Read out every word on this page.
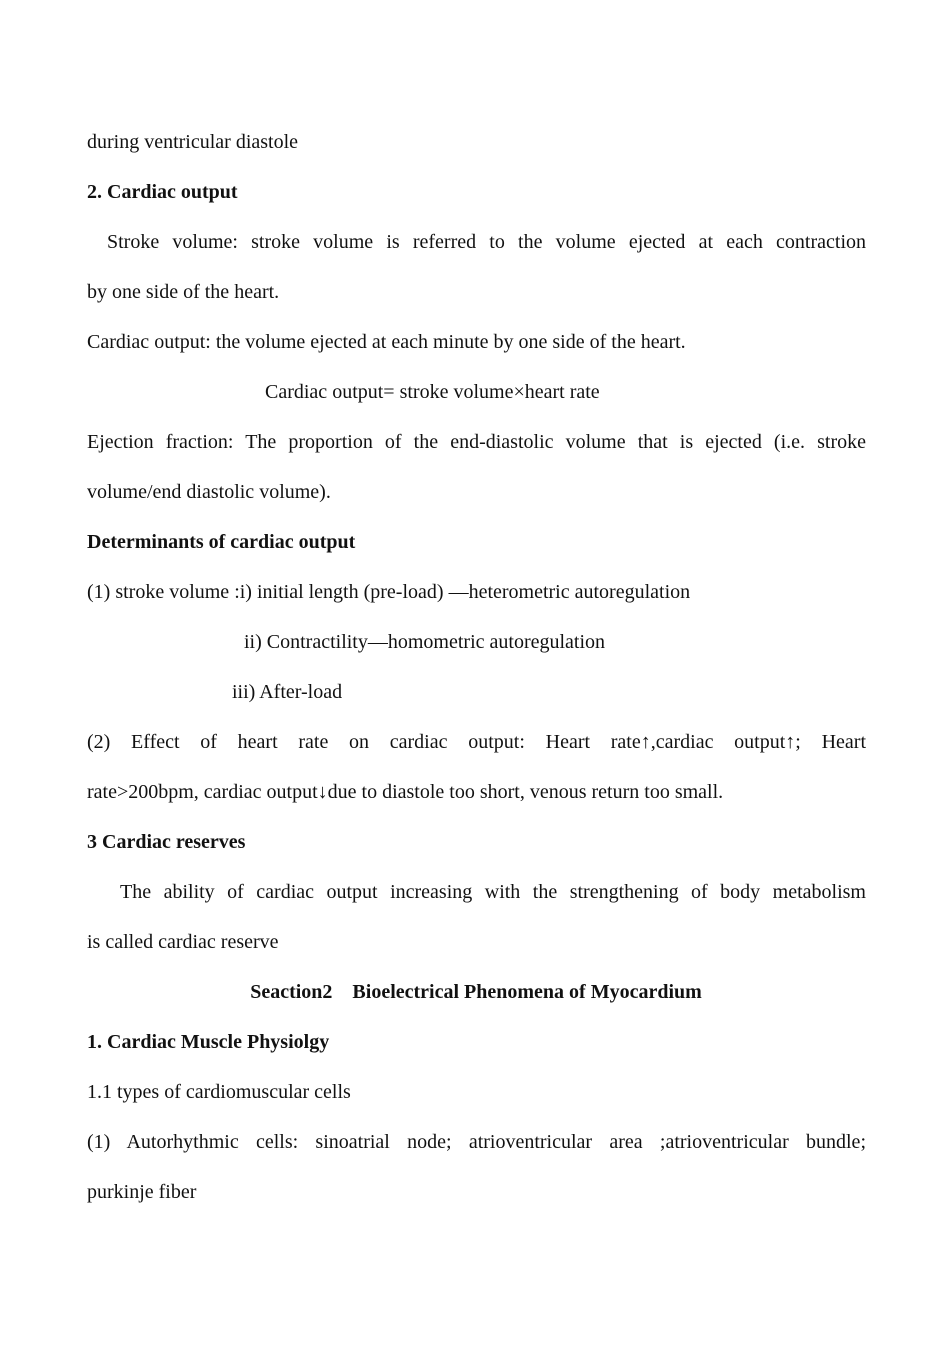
during ventricular diastole
2. Cardiac output
Stroke volume: stroke volume is referred to the volume ejected at each contraction
by one side of the heart.
Cardiac output: the volume ejected at each minute by one side of the heart.
Cardiac output= stroke volume×heart rate
Ejection fraction: The proportion of the end-diastolic volume that is ejected (i.e. stroke
volume/end diastolic volume).
Determinants of cardiac output
(1) stroke volume :i) initial length (pre-load) —heterometric autoregulation
ii) Contractility—homometric autoregulation
iii) After-load
(2) Effect of heart rate on cardiac output: Heart rate↑,cardiac output↑; Heart
rate>200bpm, cardiac output↓due to diastole too short, venous return too small.
3 Cardiac reserves
The ability of cardiac output increasing with the strengthening of body metabolism
is called cardiac reserve
Seaction2    Bioelectrical Phenomena of Myocardium
1. Cardiac Muscle Physiolgy
1.1 types of cardiomuscular cells
(1) Autorhythmic cells: sinoatrial node; atrioventricular area ;atrioventricular bundle;
purkinje fiber
